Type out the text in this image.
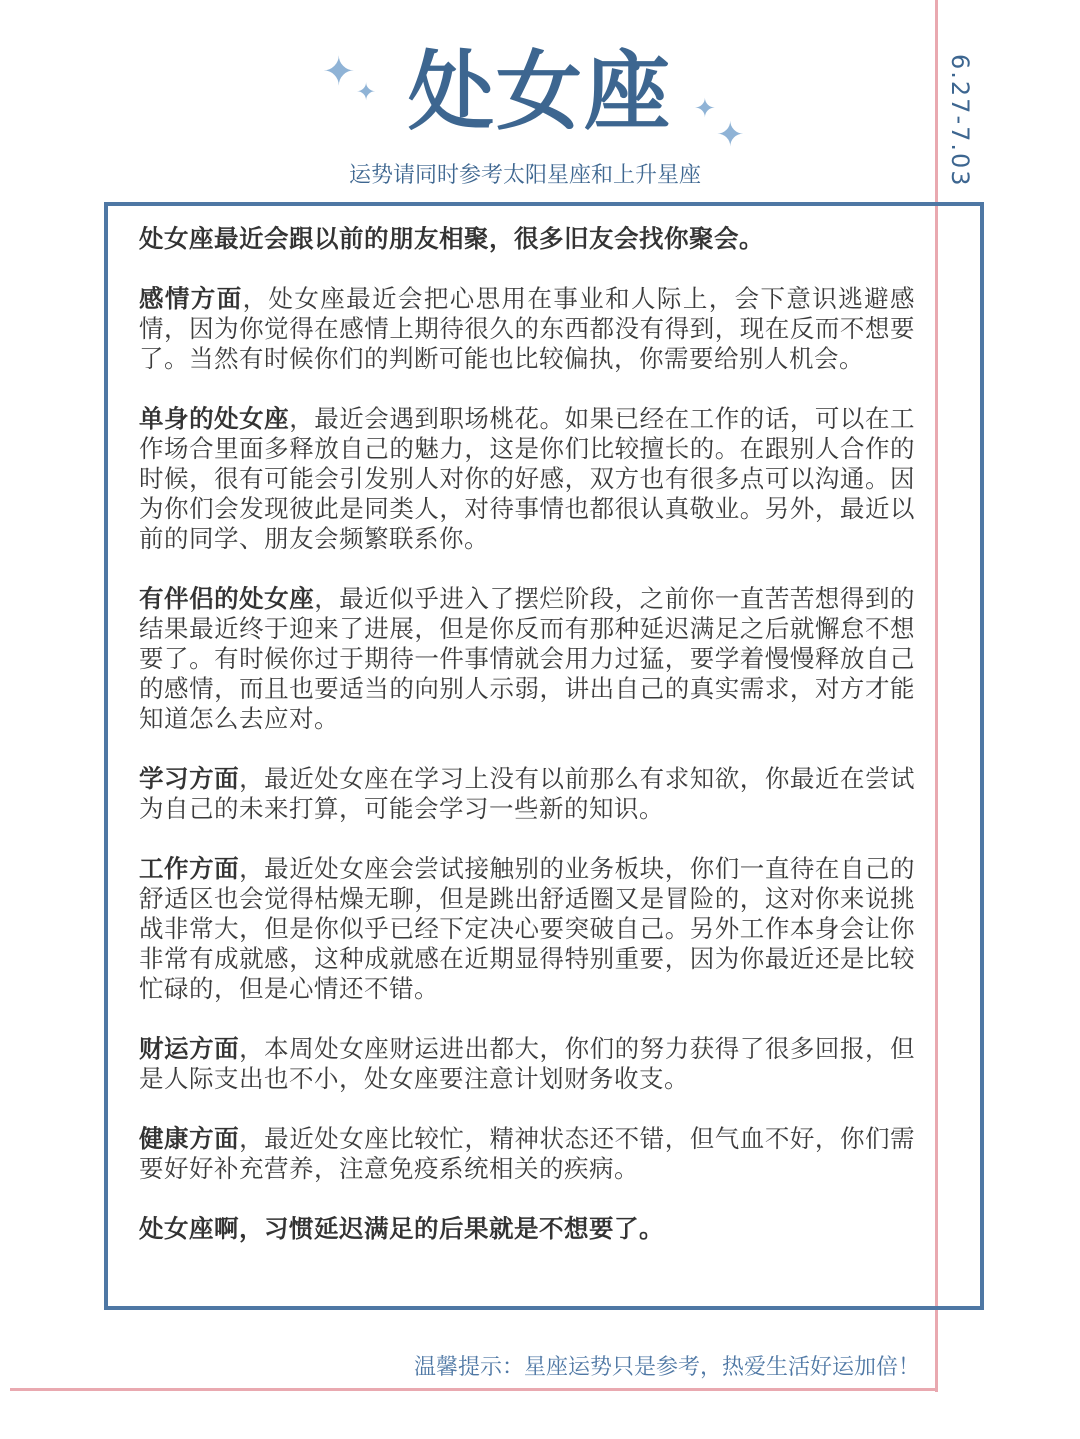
✦ ✦ 处女座 ✦
✦
运势请同时参考太阳星座和上升星座	6.27-7.03

处女座最近会跟以前的朋友相聚，很多旧友会找你聚会。

感情方面，处女座最近会把心思用在事业和人际上，会下意识逃避感情，因为你觉得在感情上期待很久的东西都没有得到，现在反而不想要了。当然有时候你们的判断可能也比较偏执，你需要给别人机会。

单身的处女座，最近会遇到职场桃花。如果已经在工作的话，可以在工作场合里面多释放自己的魅力，这是你们比较擅长的。在跟别人合作的时候，很有可能会引发别人对你的好感，双方也有很多点可以沟通。因为你们会发现彼此是同类人，对待事情也都很认真敬业。另外，最近以前的同学、朋友会频繁联系你。

有伴侣的处女座，最近似乎进入了摆烂阶段，之前你一直苦苦想得到的结果最近终于迎来了进展，但是你反而有那种延迟满足之后就懈怠不想要了。有时候你过于期待一件事情就会用力过猛，要学着慢慢释放自己的感情，而且也要适当的向别人示弱，讲出自己的真实需求，对方才能知道怎么去应对。

学习方面，最近处女座在学习上没有以前那么有求知欲，你最近在尝试为自己的未来打算，可能会学习一些新的知识。

工作方面，最近处女座会尝试接触别的业务板块，你们一直待在自己的舒适区也会觉得枯燥无聊，但是跳出舒适圈又是冒险的，这对你来说挑战非常大，但是你似乎已经下定决心要突破自己。另外工作本身会让你非常有成就感，这种成就感在近期显得特别重要，因为你最近还是比较忙碌的，但是心情还不错。

财运方面，本周处女座财运进出都大，你们的努力获得了很多回报，但是人际支出也不小，处女座要注意计划财务收支。

健康方面，最近处女座比较忙，精神状态还不错，但气血不好，你们需要好好补充营养，注意免疫系统相关的疾病。

处女座啊，习惯延迟满足的后果就是不想要了。

温馨提示：星座运势只是参考，热爱生活好运加倍！
